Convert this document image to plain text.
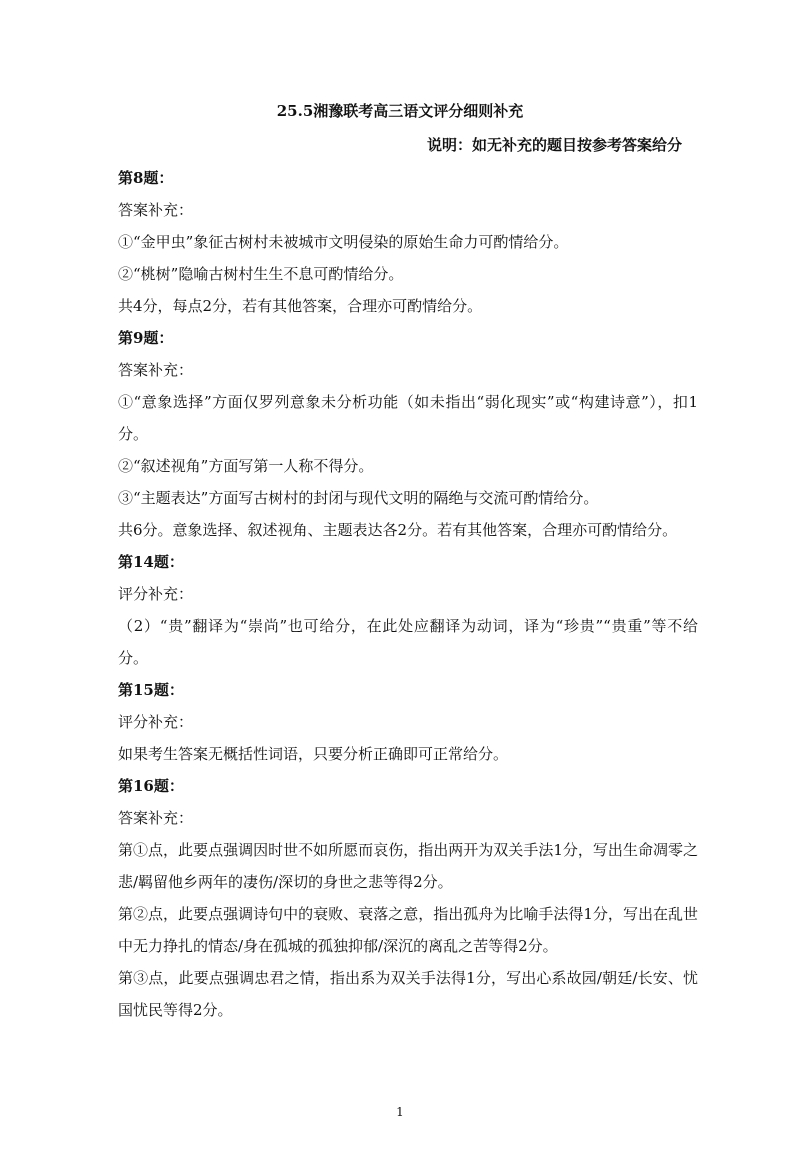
25.5湘豫联考高三语文评分细则补充
说明：如无补充的题目按参考答案给分

第8题：

答案补充：

①“金甲虫”象征古树村未被城市文明侵染的原始生命力可酌情给分。

②“桃树”隐喻古树村生生不息可酌情给分。

共4分，每点2分，若有其他答案，合理亦可酌情给分。

第9题：

答案补充：

①“意象选择”方面仅罗列意象未分析功能（如未指出“弱化现实”或“构建诗意”），扣1分。

②“叙述视角”方面写第一人称不得分。

③“主题表达”方面写古树村的封闭与现代文明的隔绝与交流可酌情给分。

共6分。意象选择、叙述视角、主题表达各2分。若有其他答案，合理亦可酌情给分。

第14题：

评分补充：

（2）“贵”翻译为“崇尚”也可给分，在此处应翻译为动词，译为“珍贵”“贵重”等不给分。

第15题：

评分补充：

如果考生答案无概括性词语，只要分析正确即可正常给分。

第16题：

答案补充：

第①点，此要点强调因时世不如所愿而哀伤，指出两开为双关手法1分，写出生命凋零之悲/羁留他乡两年的凄伤/深切的身世之悲等得2分。

第②点，此要点强调诗句中的衰败、衰落之意，指出孤舟为比喻手法得1分，写出在乱世中无力挣扎的情态/身在孤城的孤独抑郁/深沉的离乱之苦等得2分。

第③点，此要点强调忠君之情，指出系为双关手法得1分，写出心系故园/朝廷/长安、忧国忧民等得2分。

1
